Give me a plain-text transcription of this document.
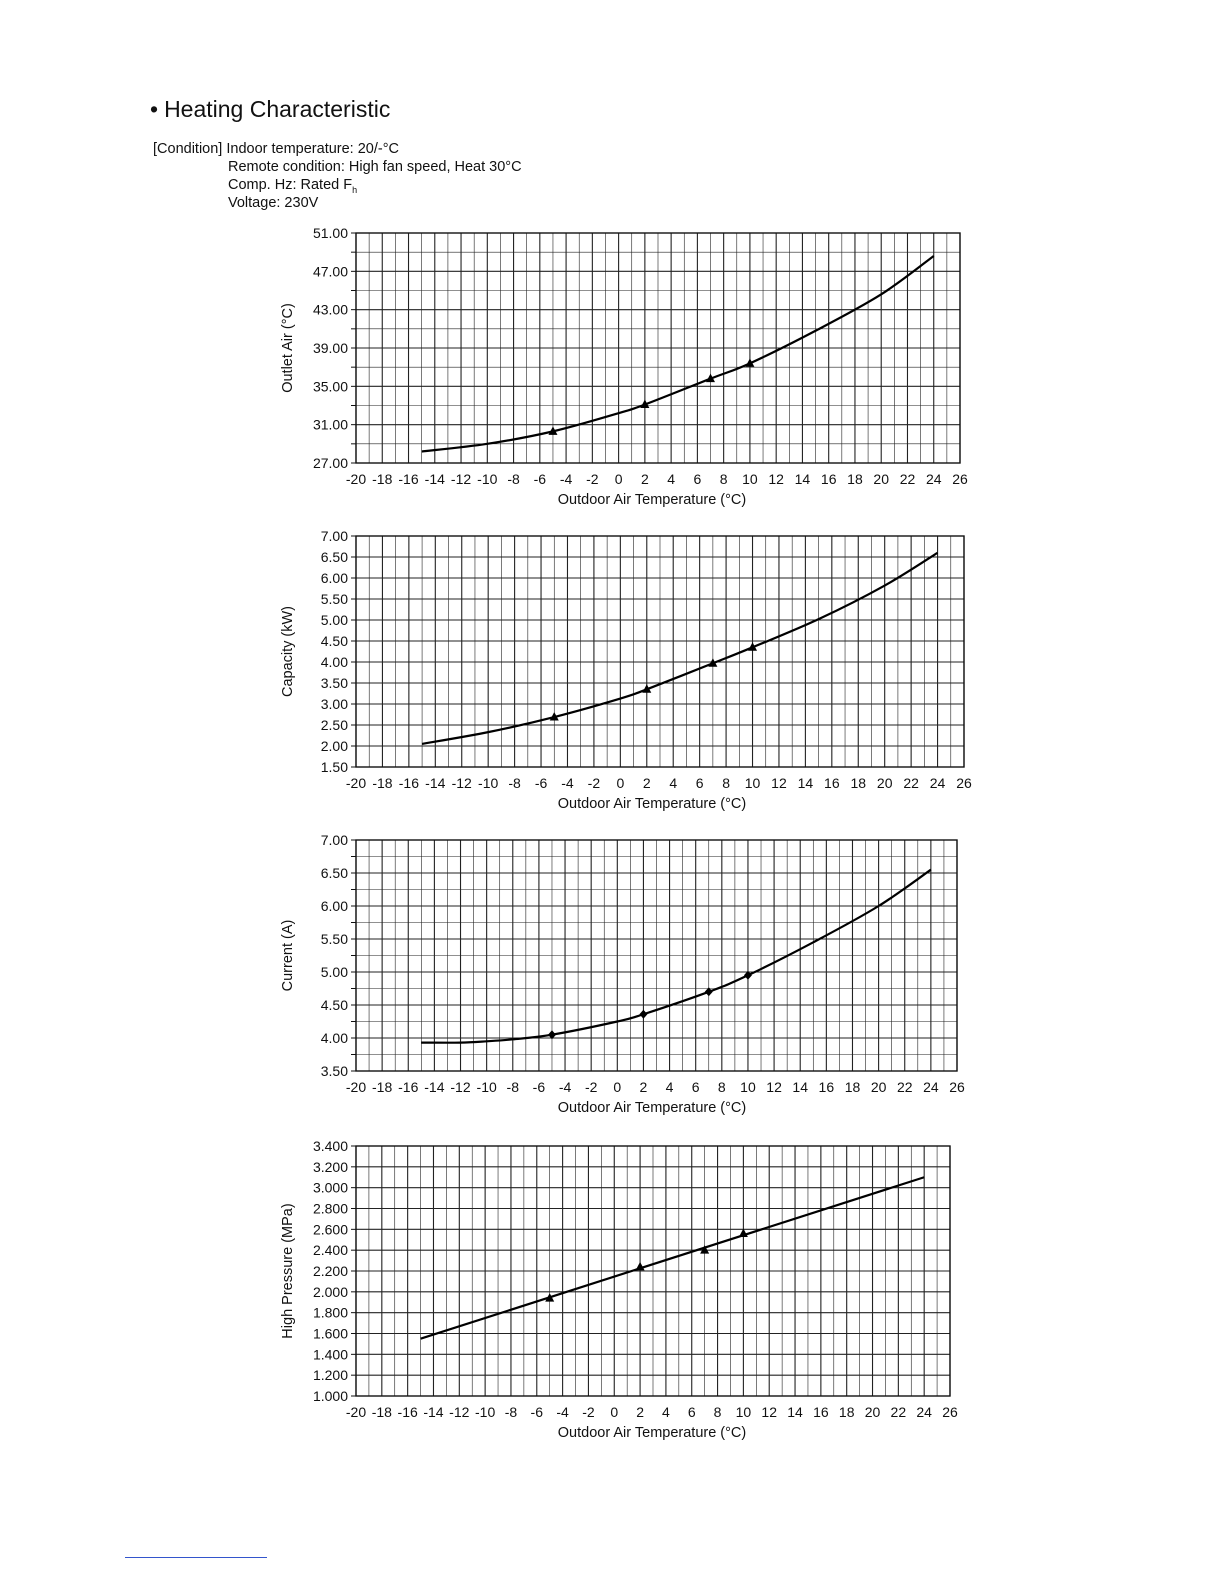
• Heating Characteristic
[Condition] Indoor temperature: 20/-°C
Remote condition: High fan speed, Heat 30°C
Comp. Hz: Rated $F_h$
Voltage: 230V
51.00
47.00
43.00
39.00
35.00
31.00
27.00
-20 -18 -16 -14 -12 -10 -8 -6 -4 -2 0 2 4 6 8 10 12 14 16 18 20 22 24 26
Outdoor Air Temperature (°C)
Outlet Air (°C)
7.00
6.50
6.00
5.50
5.00
4.50
4.00
3.50
3.00
2.50
2.00
1.50
-20 -18 -16 -14 -12 -10 -8 -6 -4 -2 0 2 4 6 8 10 12 14 16 18 20 22 24 26
Outdoor Air Temperature (°C)
Capacity (kW)
7.00
6.50
6.00
5.50
5.00
4.50
4.00
3.50
-20 -18 -16 -14 -12 -10 -8 -6 -4 -2 0 2 4 6 8 10 12 14 16 18 20 22 24 26
Outdoor Air Temperature (°C)
Current (A)
3.400
3.200
3.000
2.800
2.600
2.400
2.200
2.000
1.800
1.600
1.400
1.200
1.000
-20 -18 -16 -14 -12 -10 -8 -6 -4 -2 0 2 4 6 8 10 12 14 16 18 20 22 24 26
Outdoor Air Temperature (°C)
High Pressure (MPa)
